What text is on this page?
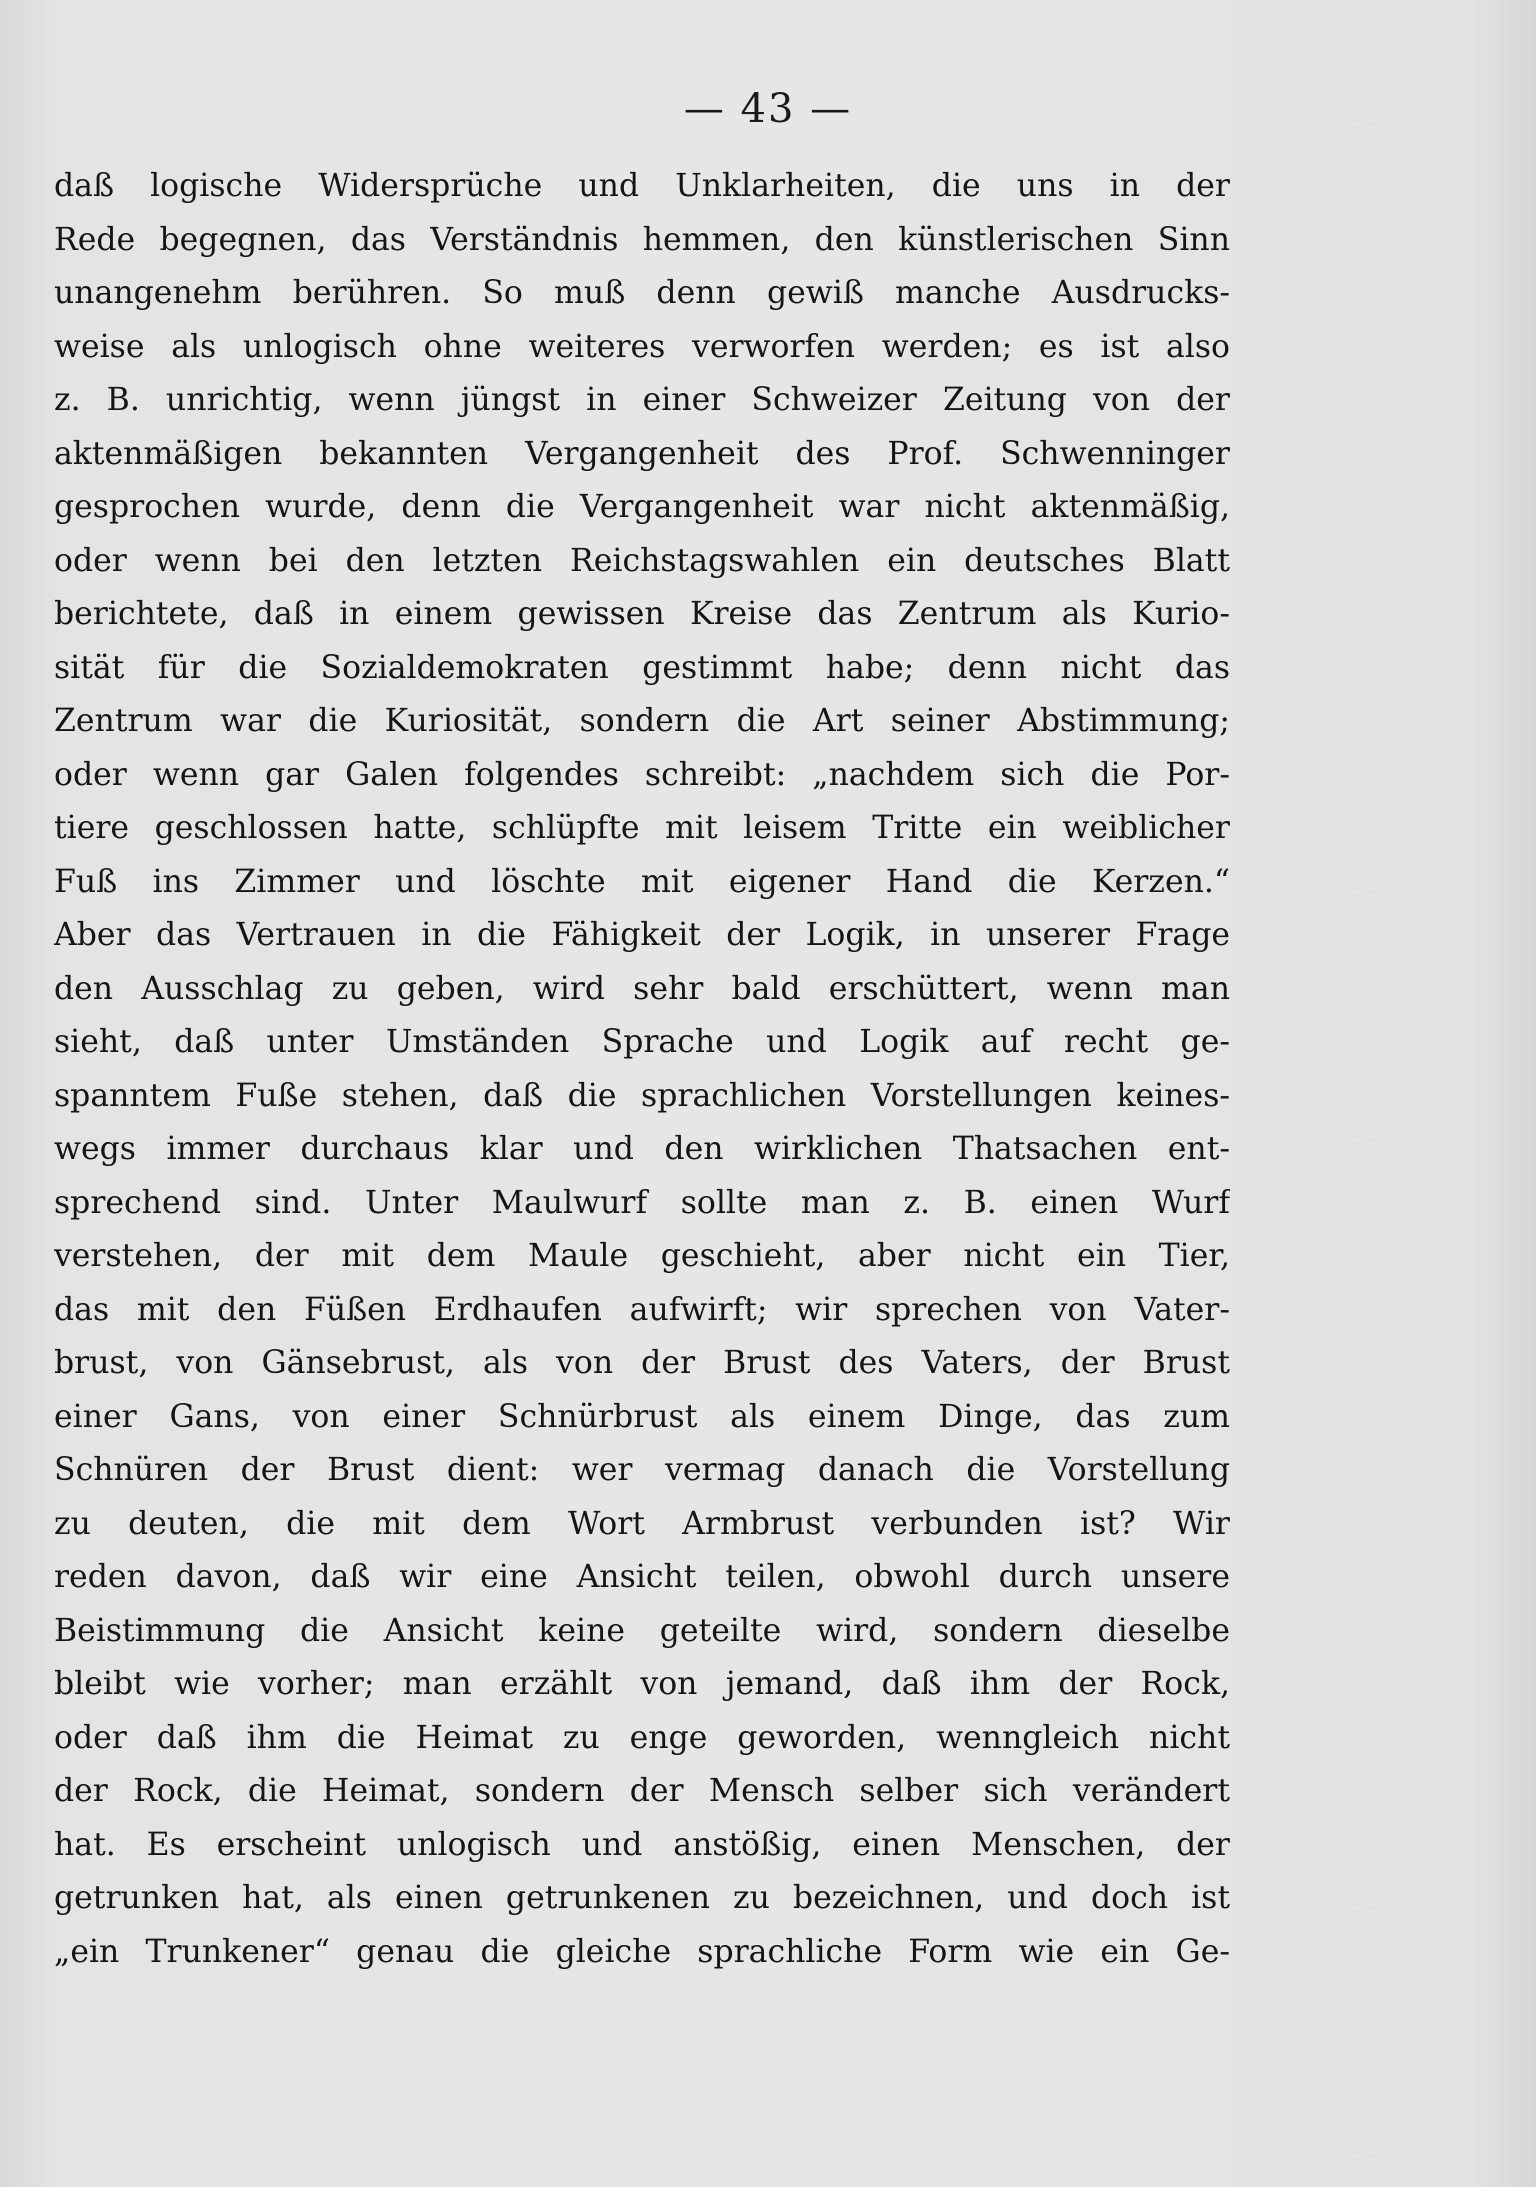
— 43 —
daß logische Widersprüche und Unklarheiten, die uns in der
Rede begegnen, das Verständnis hemmen, den künstlerischen Sinn
unangenehm berühren. So muß denn gewiß manche Ausdrucks-
weise als unlogisch ohne weiteres verworfen werden; es ist also
z. B. unrichtig, wenn jüngst in einer Schweizer Zeitung von der
aktenmäßigen bekannten Vergangenheit des Prof. Schwenninger
gesprochen wurde, denn die Vergangenheit war nicht aktenmäßig,
oder wenn bei den letzten Reichstagswahlen ein deutsches Blatt
berichtete, daß in einem gewissen Kreise das Zentrum als Kurio-
sität für die Sozialdemokraten gestimmt habe; denn nicht das
Zentrum war die Kuriosität, sondern die Art seiner Abstimmung;
oder wenn gar Galen folgendes schreibt: „nachdem sich die Por-
tiere geschlossen hatte, schlüpfte mit leisem Tritte ein weiblicher
Fuß ins Zimmer und löschte mit eigener Hand die Kerzen.“
Aber das Vertrauen in die Fähigkeit der Logik, in unserer Frage
den Ausschlag zu geben, wird sehr bald erschüttert, wenn man
sieht, daß unter Umständen Sprache und Logik auf recht ge-
spanntem Fuße stehen, daß die sprachlichen Vorstellungen keines-
wegs immer durchaus klar und den wirklichen Thatsachen ent-
sprechend sind. Unter Maulwurf sollte man z. B. einen Wurf
verstehen, der mit dem Maule geschieht, aber nicht ein Tier,
das mit den Füßen Erdhaufen aufwirft; wir sprechen von Vater-
brust, von Gänsebrust, als von der Brust des Vaters, der Brust
einer Gans, von einer Schnürbrust als einem Dinge, das zum
Schnüren der Brust dient: wer vermag danach die Vorstellung
zu deuten, die mit dem Wort Armbrust verbunden ist? Wir
reden davon, daß wir eine Ansicht teilen, obwohl durch unsere
Beistimmung die Ansicht keine geteilte wird, sondern dieselbe
bleibt wie vorher; man erzählt von jemand, daß ihm der Rock,
oder daß ihm die Heimat zu enge geworden, wenngleich nicht
der Rock, die Heimat, sondern der Mensch selber sich verändert
hat. Es erscheint unlogisch und anstößig, einen Menschen, der
getrunken hat, als einen getrunkenen zu bezeichnen, und doch ist
„ein Trunkener“ genau die gleiche sprachliche Form wie ein Ge-
